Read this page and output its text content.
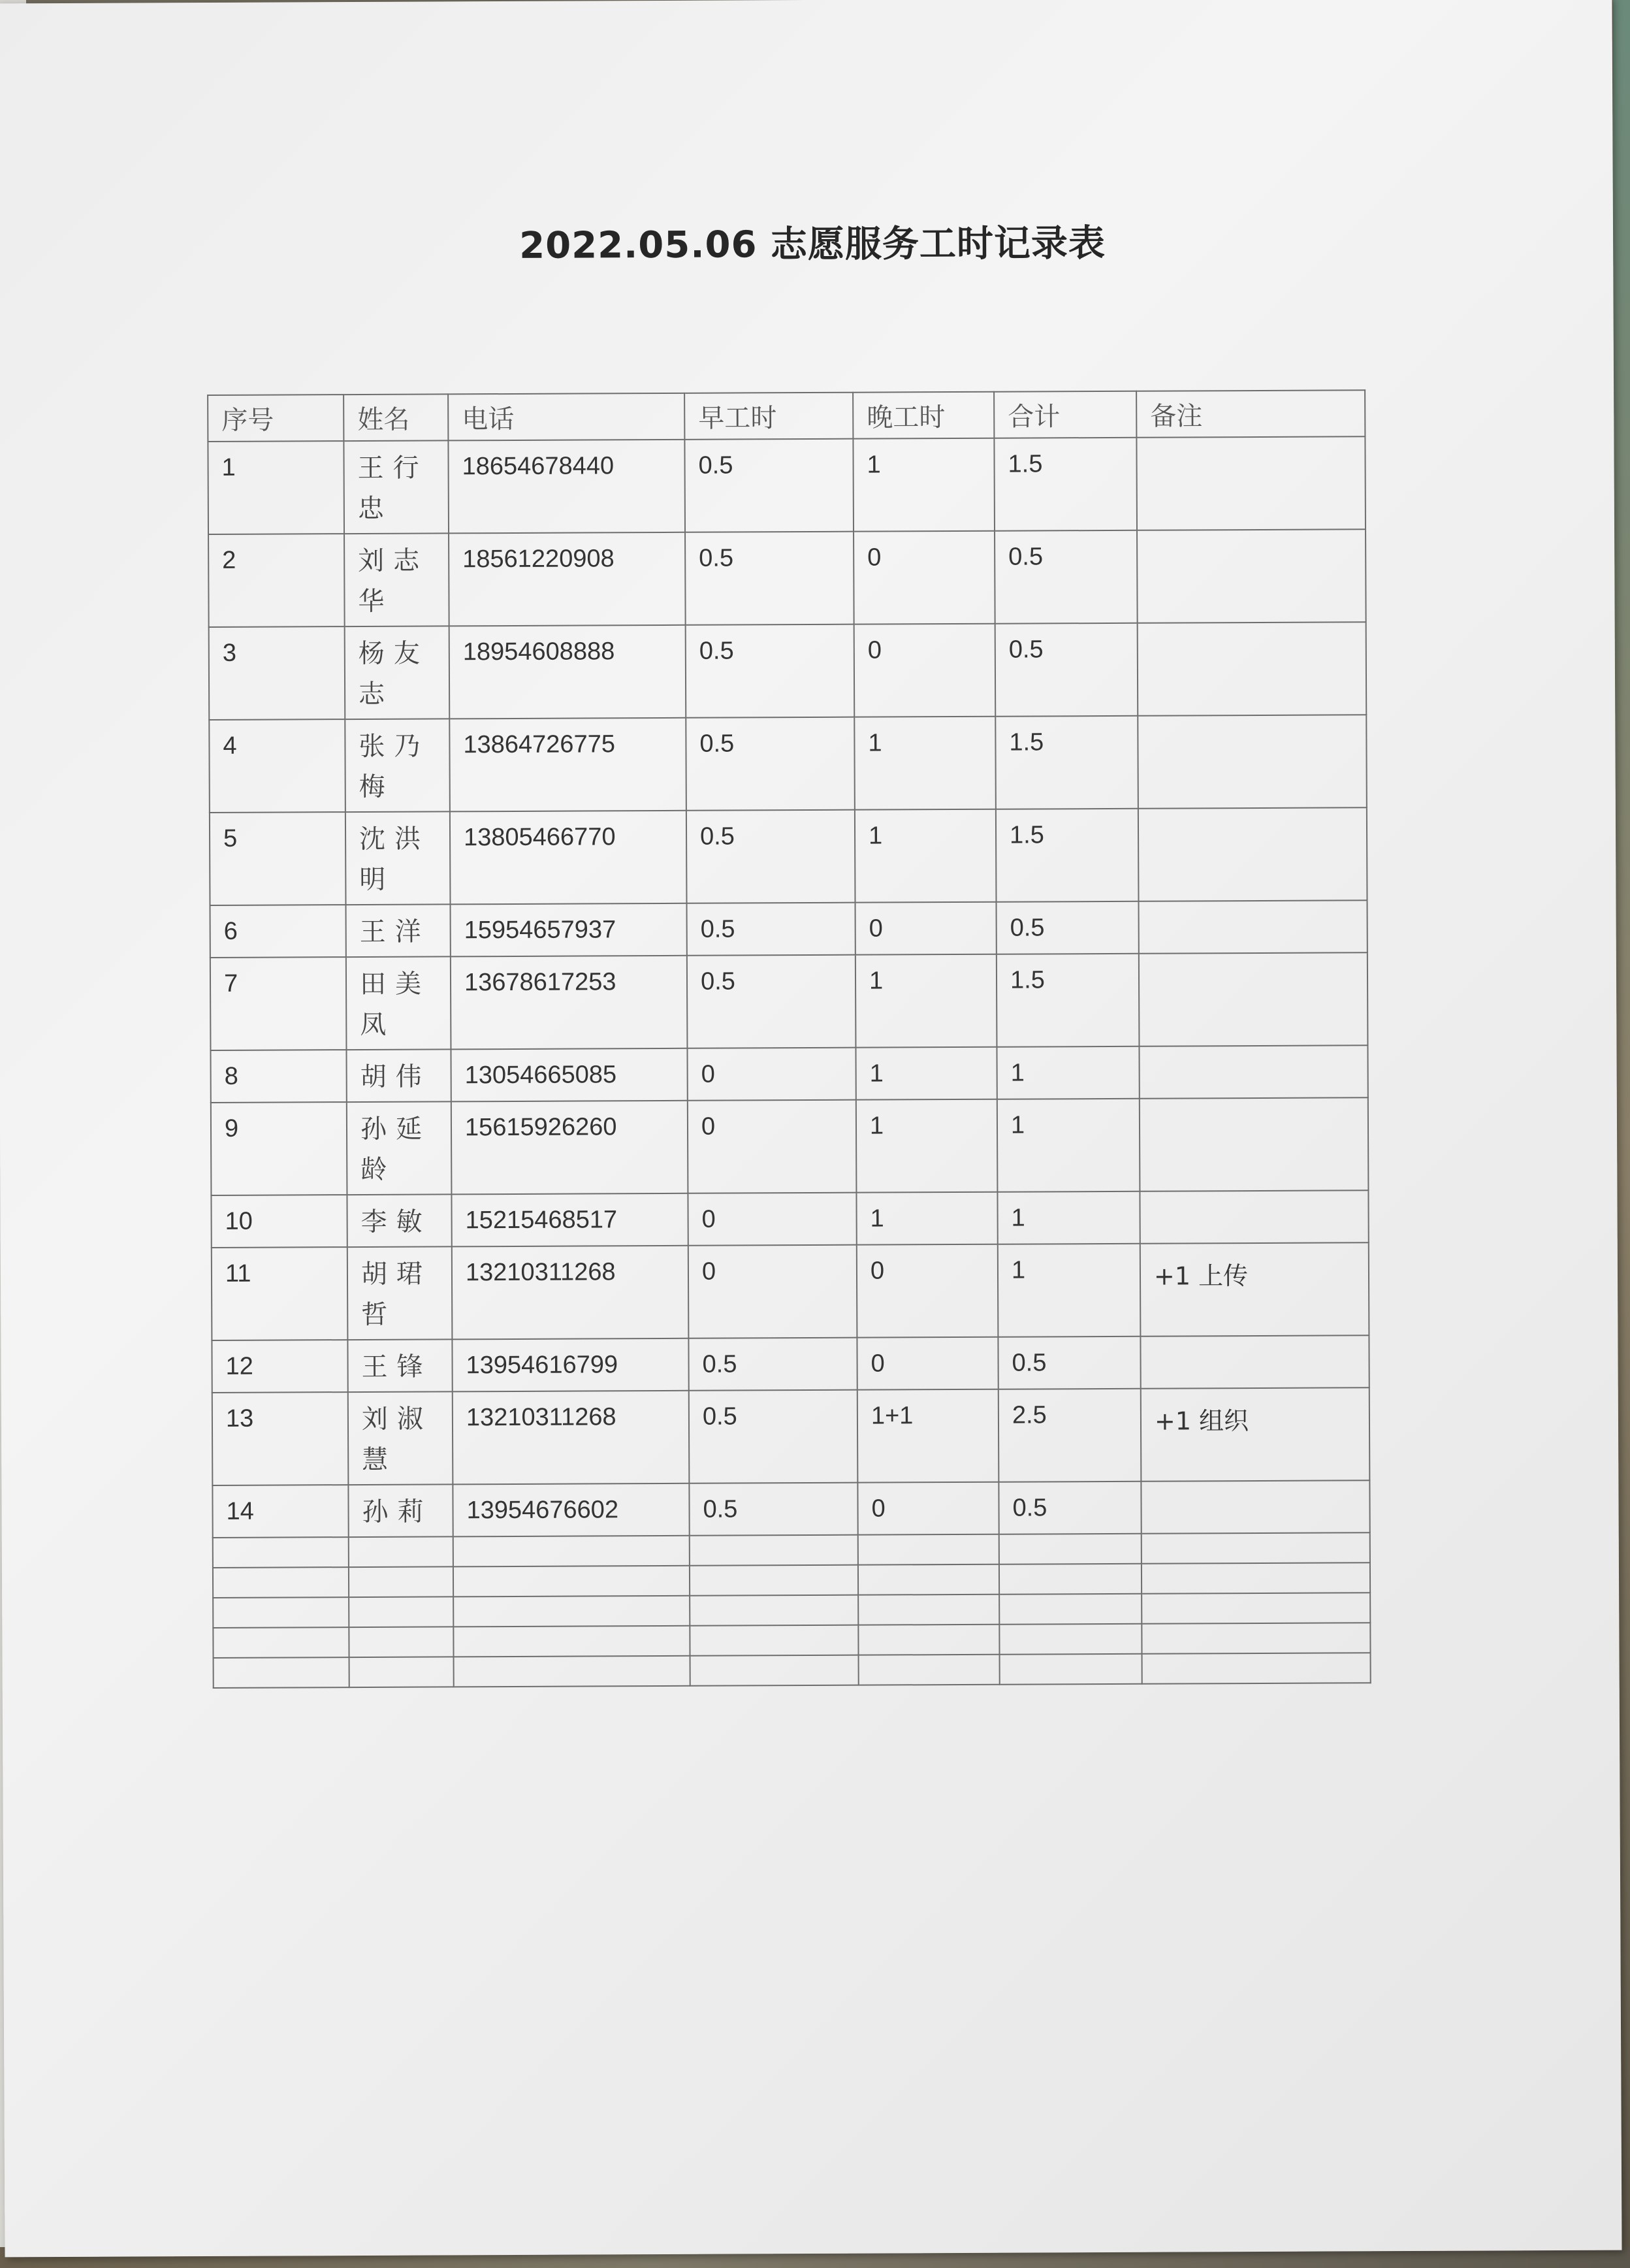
2022.05.06 志愿服务工时记录表
序号	姓名	电话	早工时	晚工时	合计	备注
1	王行忠	18654678440	0.5	1	1.5	
2	刘志华	18561220908	0.5	0	0.5	
3	杨友志	18954608888	0.5	0	0.5	
4	张乃梅	13864726775	0.5	1	1.5	
5	沈洪明	13805466770	0.5	1	1.5	
6	王洋	15954657937	0.5	0	0.5	
7	田美凤	13678617253	0.5	1	1.5	
8	胡伟	13054665085	0	1	1	
9	孙延龄	15615926260	0	1	1	
10	李敏	15215468517	0	1	1	
11	胡珺哲	13210311268	0	0	1	+1 上传
12	王锋	13954616799	0.5	0	0.5	
13	刘淑慧	13210311268	0.5	1+1	2.5	+1 组织
14	孙莉	13954676602	0.5	0	0.5	
